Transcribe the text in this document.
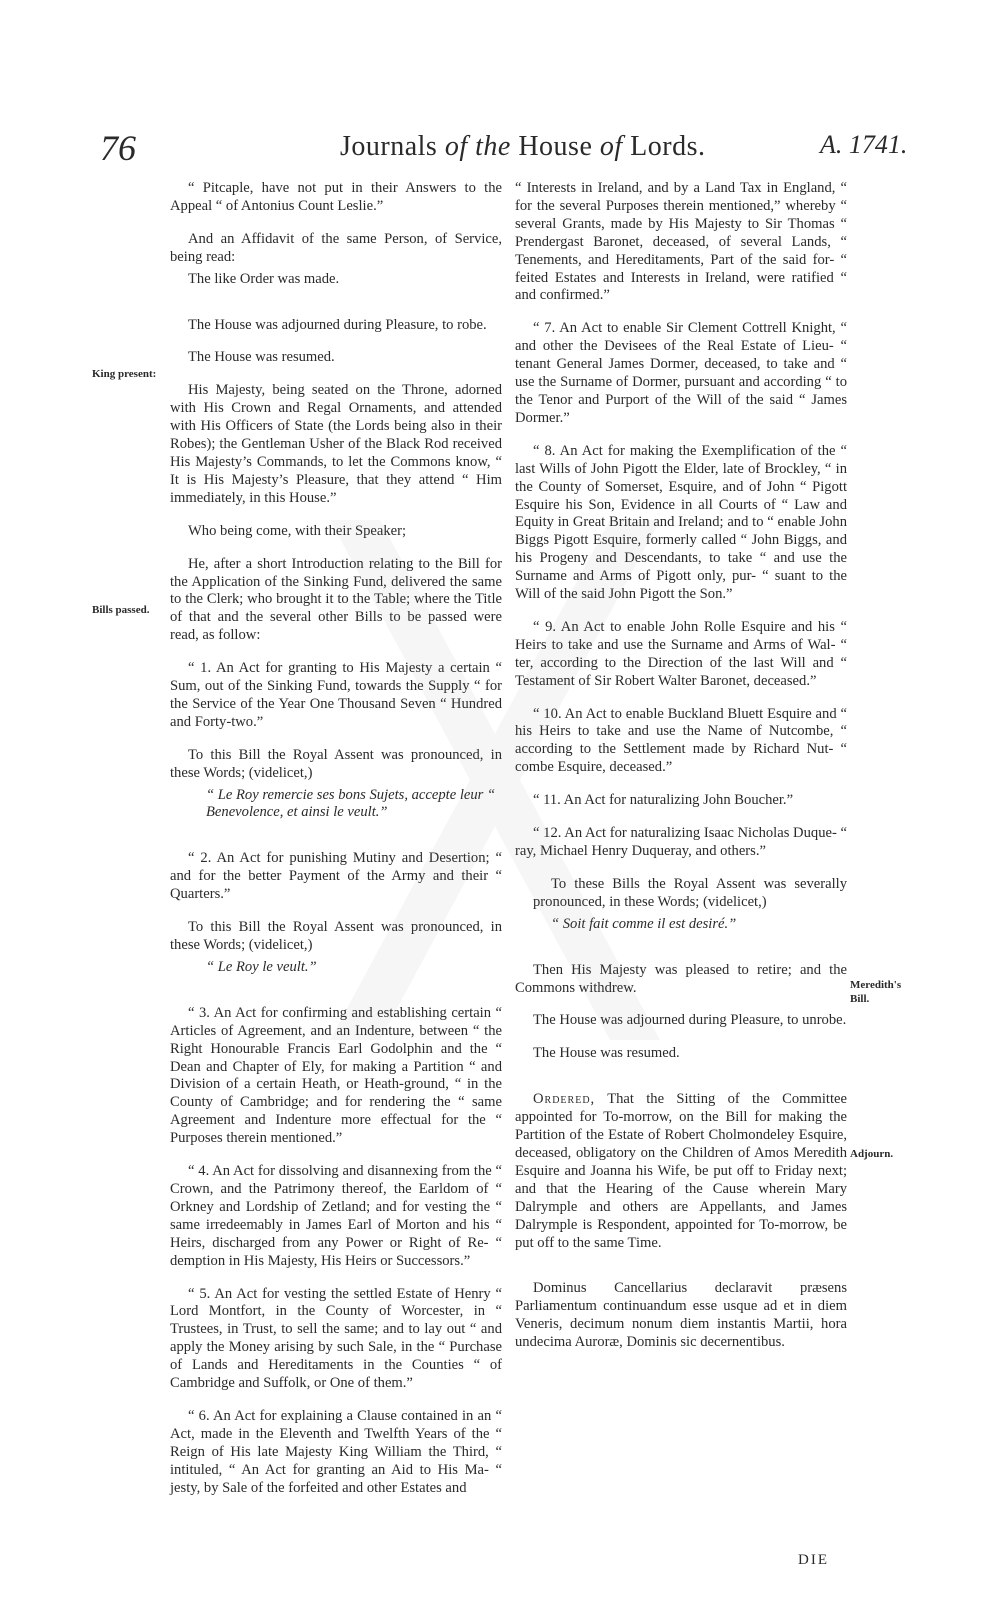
76	Journals of the House of Lords.	A. 1741.
King present:
Bills passed.
Meredith's Bill.
Adjourn.

“ Pitcaple, have not put in their Answers to the Appeal “ of Antonius Count Leslie.”

And an Affidavit of the same Person, of Service, being read:

The like Order was made.

The House was adjourned during Pleasure, to robe.

The House was resumed.

His Majesty, being seated on the Throne, adorned with His Crown and Regal Ornaments, and attended with His Officers of State (the Lords being also in their Robes); the Gentleman Usher of the Black Rod received His Majesty’s Commands, to let the Commons know, “ It is His Majesty’s Pleasure, that they attend “ Him immediately, in this House.”

Who being come, with their Speaker;

He, after a short Introduction relating to the Bill for the Application of the Sinking Fund, delivered the same to the Clerk; who brought it to the Table; where the Title of that and the several other Bills to be passed were read, as follow:

“ 1. An Act for granting to His Majesty a certain “ Sum, out of the Sinking Fund, towards the Supply “ for the Service of the Year One Thousand Seven “ Hundred and Forty-two.”

To this Bill the Royal Assent was pronounced, in these Words; (videlicet,)

“ Le Roy remercie ses bons Sujets, accepte leur “ Benevolence, et ainsi le veult.”

“ 2. An Act for punishing Mutiny and Desertion; “ and for the better Payment of the Army and their “ Quarters.”

To this Bill the Royal Assent was pronounced, in these Words; (videlicet,)

“ Le Roy le veult.”

“ 3. An Act for confirming and establishing certain “ Articles of Agreement, and an Indenture, between “ the Right Honourable Francis Earl Godolphin and the “ Dean and Chapter of Ely, for making a Partition “ and Division of a certain Heath, or Heath-ground, “ in the County of Cambridge; and for rendering the “ same Agreement and Indenture more effectual for the “ Purposes therein mentioned.”

“ 4. An Act for dissolving and disannexing from the “ Crown, and the Patrimony thereof, the Earldom of “ Orkney and Lordship of Zetland; and for vesting the “ same irredeemably in James Earl of Morton and his “ Heirs, discharged from any Power or Right of Re- “ demption in His Majesty, His Heirs or Successors.”

“ 5. An Act for vesting the settled Estate of Henry “ Lord Montfort, in the County of Worcester, in “ Trustees, in Trust, to sell the same; and to lay out “ and apply the Money arising by such Sale, in the “ Purchase of Lands and Hereditaments in the Counties “ of Cambridge and Suffolk, or One of them.”

“ 6. An Act for explaining a Clause contained in an “ Act, made in the Eleventh and Twelfth Years of the “ Reign of His late Majesty King William the Third, “ intituled, “ An Act for granting an Aid to His Ma- “ jesty, by Sale of the forfeited and other Estates and

“ Interests in Ireland, and by a Land Tax in England, “ for the several Purposes therein mentioned,” whereby “ several Grants, made by His Majesty to Sir Thomas “ Prendergast Baronet, deceased, of several Lands, “ Tenements, and Hereditaments, Part of the said for- “ feited Estates and Interests in Ireland, were ratified “ and confirmed.”

“ 7. An Act to enable Sir Clement Cottrell Knight, “ and other the Devisees of the Real Estate of Lieu- “ tenant General James Dormer, deceased, to take and “ use the Surname of Dormer, pursuant and according “ to the Tenor and Purport of the Will of the said “ James Dormer.”

“ 8. An Act for making the Exemplification of the “ last Wills of John Pigott the Elder, late of Brockley, “ in the County of Somerset, Esquire, and of John “ Pigott Esquire his Son, Evidence in all Courts of “ Law and Equity in Great Britain and Ireland; and to “ enable John Biggs Pigott Esquire, formerly called “ John Biggs, and his Progeny and Descendants, to take “ and use the Surname and Arms of Pigott only, pur- “ suant to the Will of the said John Pigott the Son.”

“ 9. An Act to enable John Rolle Esquire and his “ Heirs to take and use the Surname and Arms of Wal- “ ter, according to the Direction of the last Will and “ Testament of Sir Robert Walter Baronet, deceased.”

“ 10. An Act to enable Buckland Bluett Esquire and “ his Heirs to take and use the Name of Nutcombe, “ according to the Settlement made by Richard Nut- “ combe Esquire, deceased.”

“ 11. An Act for naturalizing John Boucher.”

“ 12. An Act for naturalizing Isaac Nicholas Duque- “ ray, Michael Henry Duqueray, and others.”

To these Bills the Royal Assent was severally pronounced, in these Words; (videlicet,)

“ Soit fait comme il est desiré.”

Then His Majesty was pleased to retire; and the Commons withdrew.

The House was adjourned during Pleasure, to unrobe.

The House was resumed.

Ordered, That the Sitting of the Committee appointed for To-morrow, on the Bill for making the Partition of the Estate of Robert Cholmondeley Esquire, deceased, obligatory on the Children of Amos Meredith Esquire and Joanna his Wife, be put off to Friday next; and that the Hearing of the Cause wherein Mary Dalrymple and others are Appellants, and James Dalrymple is Respondent, appointed for To-morrow, be put off to the same Time.

Dominus Cancellarius declaravit præsens Parliamentum continuandum esse usque ad et in diem Veneris, decimum nonum diem instantis Martii, hora undecima Auroræ, Dominis sic decernentibus.

DIE
